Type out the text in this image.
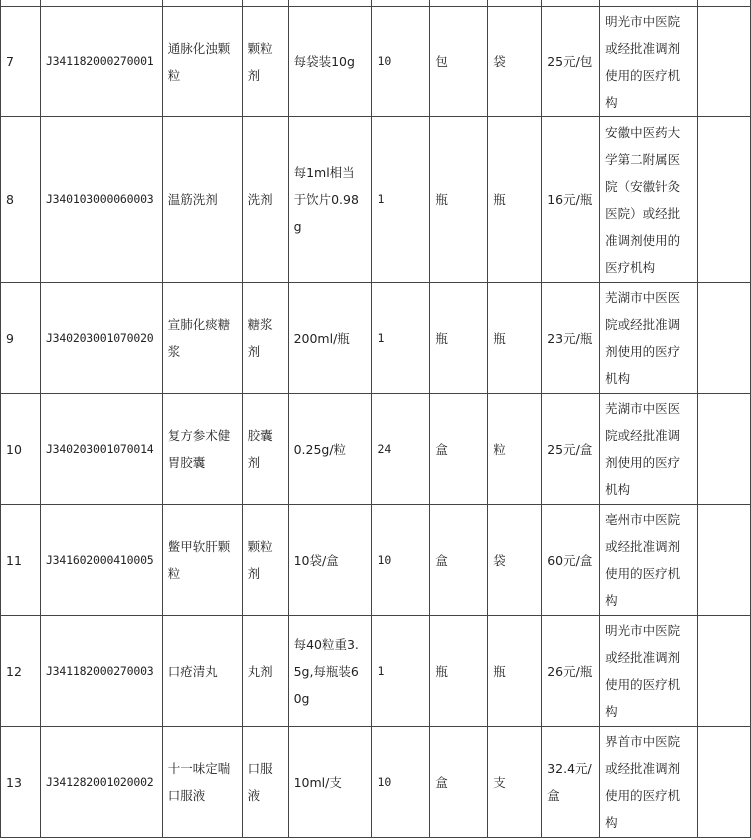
7	J341182000270001	通脉化浊颗粒	颗粒剂	每袋装10g	10	包	袋	25元/包	明光市中医院或经批准调剂使用的医疗机构	
8	J340103000060003	温筋洗剂	洗剂	每1ml相当于饮片0.98g	1	瓶	瓶	16元/瓶	安徽中医药大学第二附属医院（安徽针灸医院）或经批准调剂使用的医疗机构	
9	J340203001070020	宣肺化痰糖浆	糖浆剂	200ml/瓶	1	瓶	瓶	23元/瓶	芜湖市中医医院或经批准调剂使用的医疗机构	
10	J340203001070014	复方参术健胃胶囊	胶囊剂	0.25g/粒	24	盒	粒	25元/盒	芜湖市中医医院或经批准调剂使用的医疗机构	
11	J341602000410005	鳖甲软肝颗粒	颗粒剂	10袋/盒	10	盒	袋	60元/盒	亳州市中医院或经批准调剂使用的医疗机构	
12	J341182000270003	口疮清丸	丸剂	每40粒重3.5g,每瓶装60g	1	瓶	瓶	26元/瓶	明光市中医院或经批准调剂使用的医疗机构	
13	J341282001020002	十一味定喘口服液	口服液	10ml/支	10	盒	支	32.4元/盒	界首市中医院或经批准调剂使用的医疗机构	
